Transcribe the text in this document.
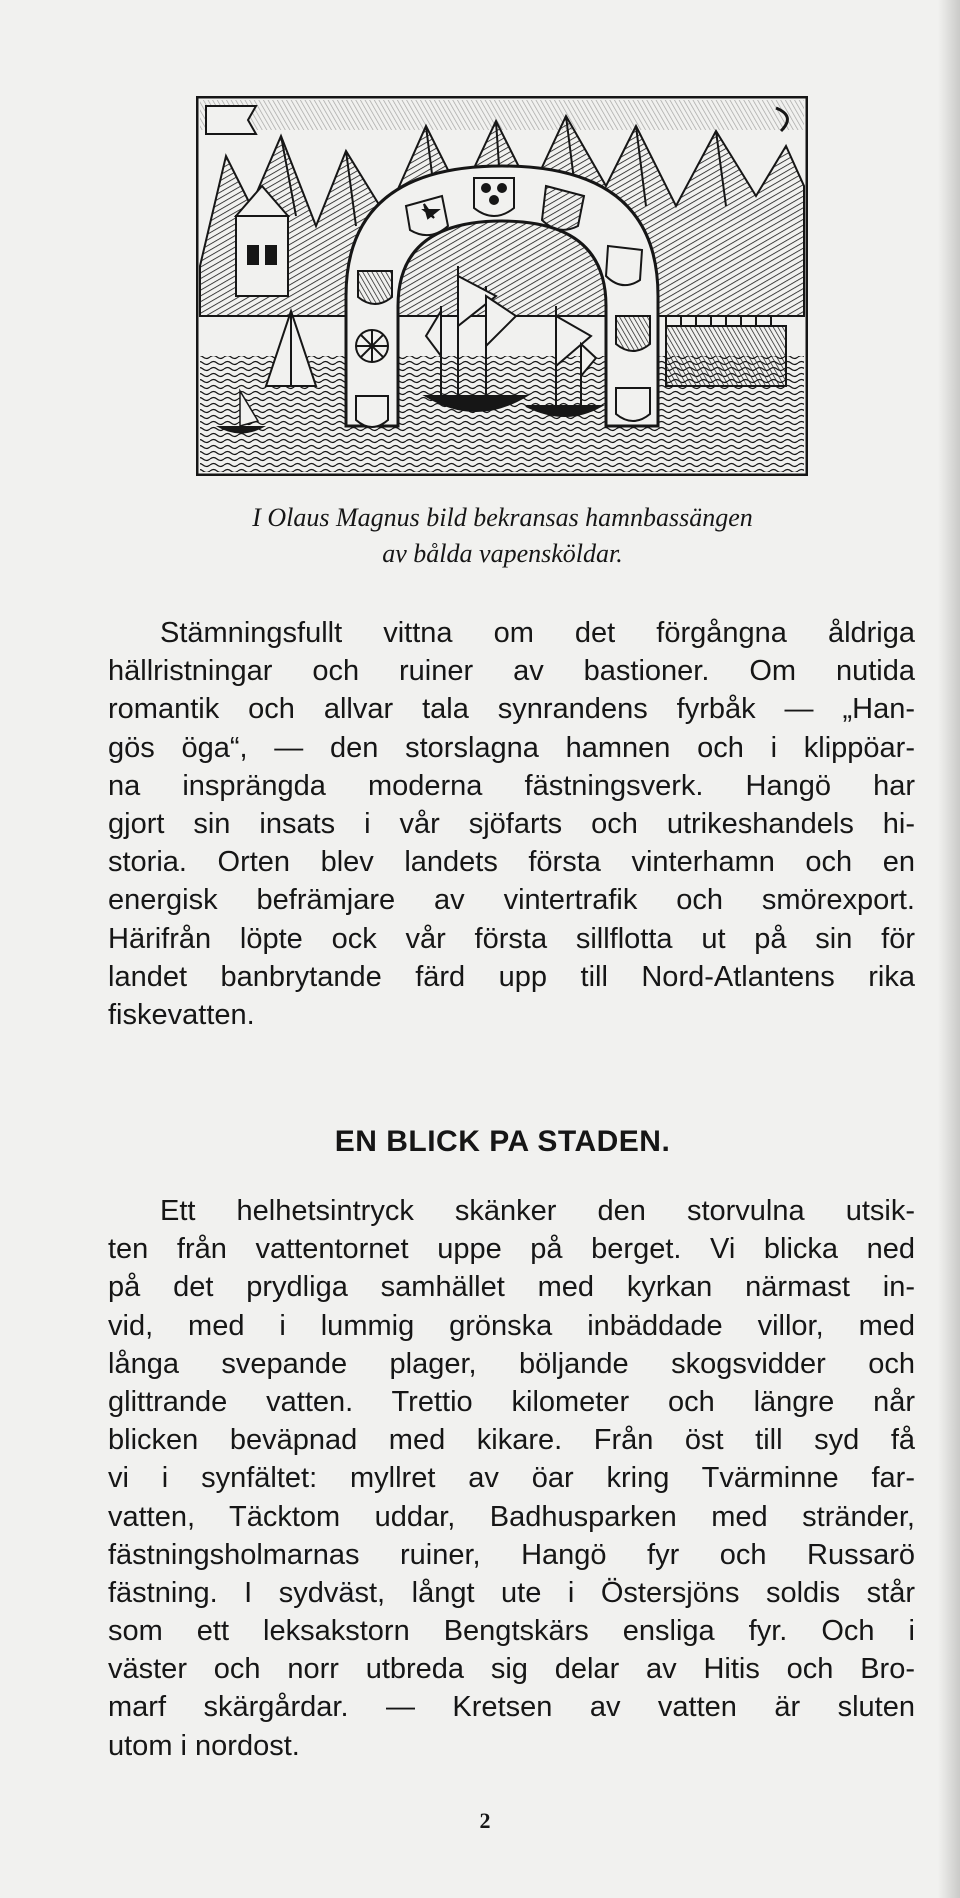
I Olaus Magnus bild bekransas hamnbassängen
av bålda vapensköldar.
Stämningsfullt vittna om det förgångna åldriga
hällristningar och ruiner av bastioner. Om nutida
romantik och allvar tala synrandens fyrbåk — „Han-
gös öga“, — den storslagna hamnen och i klippöar-
na insprängda moderna fästningsverk. Hangö har
gjort sin insats i vår sjöfarts och utrikeshandels hi-
storia. Orten blev landets första vinterhamn och en
energisk befrämjare av vintertrafik och smörexport.
Härifrån löpte ock vår första sillflotta ut på sin för
landet banbrytande färd upp till Nord-Atlantens rika
fiskevatten.
EN BLICK PA STADEN.
Ett helhetsintryck skänker den storvulna utsik-
ten från vattentornet uppe på berget. Vi blicka ned
på det prydliga samhället med kyrkan närmast in-
vid, med i lummig grönska inbäddade villor, med
långa svepande plager, böljande skogsvidder och
glittrande vatten. Trettio kilometer och längre når
blicken beväpnad med kikare. Från öst till syd få
vi i synfältet: myllret av öar kring Tvärminne far-
vatten, Täcktom uddar, Badhusparken med stränder,
fästningsholmarnas ruiner, Hangö fyr och Russarö
fästning. I sydväst, långt ute i Östersjöns soldis står
som ett leksakstorn Bengtskärs ensliga fyr. Och i
väster och norr utbreda sig delar av Hitis och Bro-
marf skärgårdar. — Kretsen av vatten är sluten
utom i nordost.
2
